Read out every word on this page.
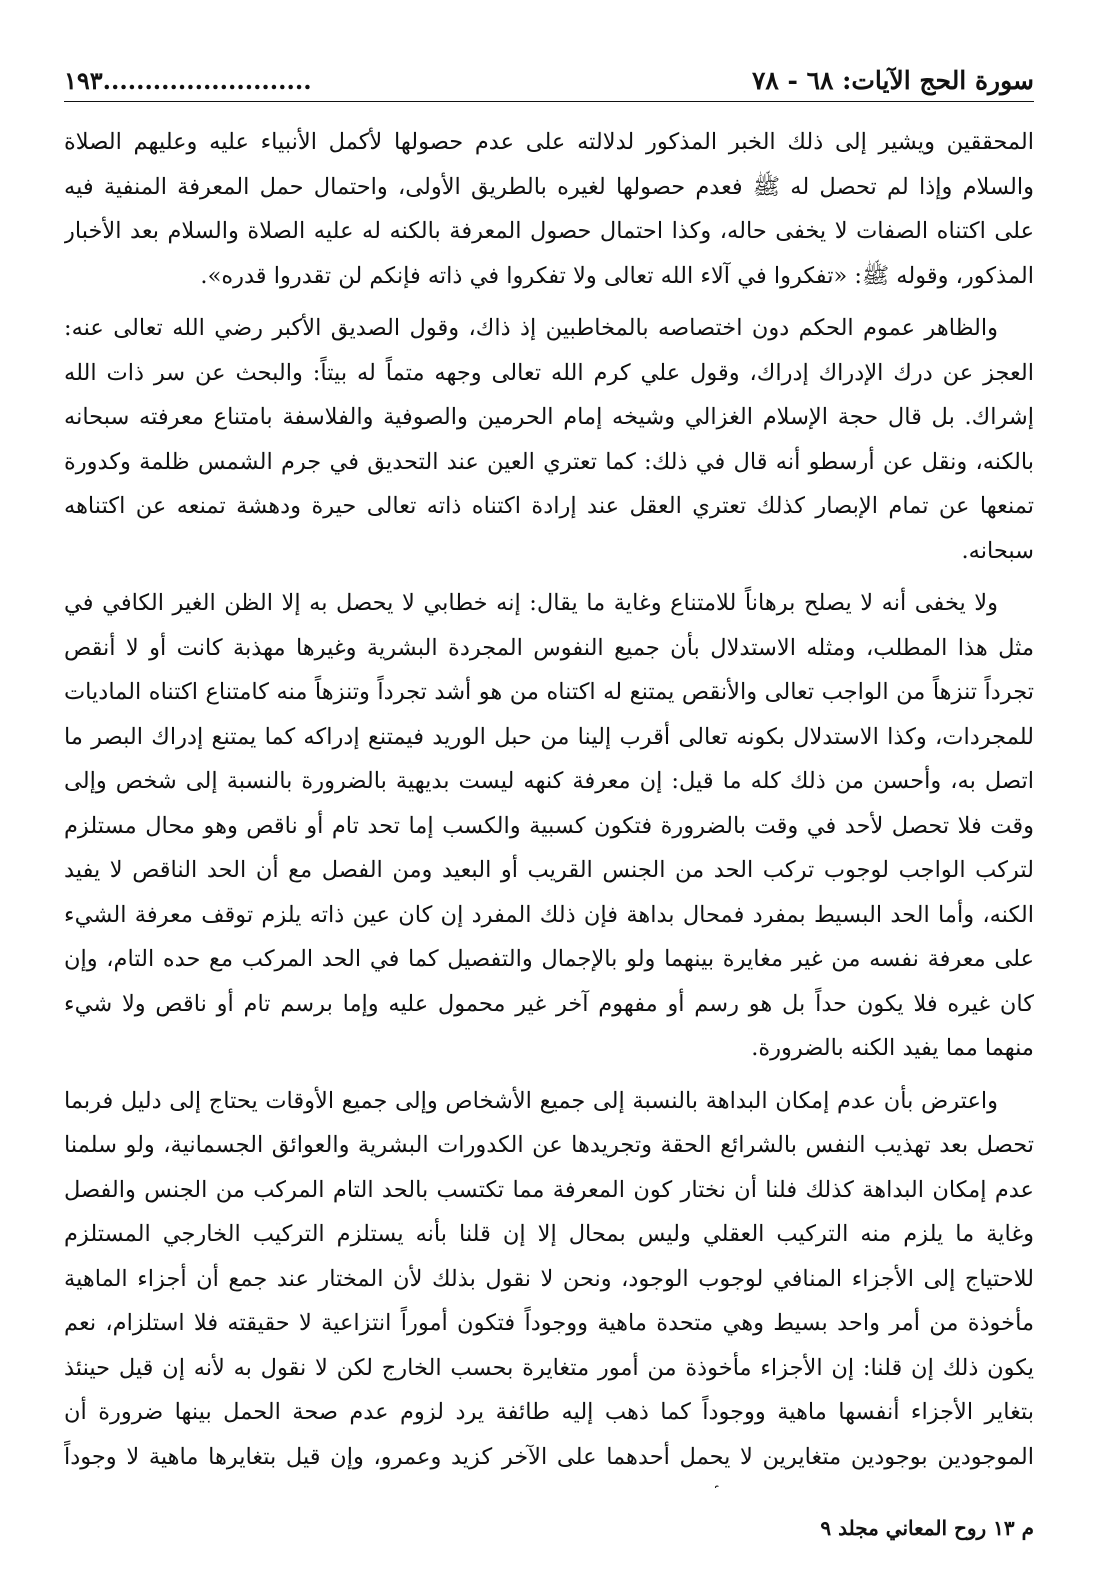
سورة الحج الآيات: ٦٨ - ٧٨
.........................١٩٣

المحققين ويشير إلى ذلك الخبر المذكور لدلالته على عدم حصولها لأكمل الأنبياء عليه وعليهم الصلاة والسلام وإذا لم تحصل له ﷺ فعدم حصولها لغيره بالطريق الأولى، واحتمال حمل المعرفة المنفية فيه على اكتناه الصفات لا يخفى حاله، وكذا احتمال حصول المعرفة بالكنه له عليه الصلاة والسلام بعد الأخبار المذكور، وقوله ﷺ: «تفكروا في آلاء الله تعالى ولا تفكروا في ذاته فإنكم لن تقدروا قدره».

والظاهر عموم الحكم دون اختصاصه بالمخاطبين إذ ذاك، وقول الصديق الأكبر رضي الله تعالى عنه: العجز عن درك الإدراك إدراك، وقول علي كرم الله تعالى وجهه متماً له بيتاً: والبحث عن سر ذات الله إشراك. بل قال حجة الإسلام الغزالي وشيخه إمام الحرمين والصوفية والفلاسفة بامتناع معرفته سبحانه بالكنه، ونقل عن أرسطو أنه قال في ذلك: كما تعتري العين عند التحديق في جرم الشمس ظلمة وكدورة تمنعها عن تمام الإبصار كذلك تعتري العقل عند إرادة اكتناه ذاته تعالى حيرة ودهشة تمنعه عن اكتناهه سبحانه.

ولا يخفى أنه لا يصلح برهاناً للامتناع وغاية ما يقال: إنه خطابي لا يحصل به إلا الظن الغير الكافي في مثل هذا المطلب، ومثله الاستدلال بأن جميع النفوس المجردة البشرية وغيرها مهذبة كانت أو لا أنقص تجرداً تنزهاً من الواجب تعالى والأنقص يمتنع له اكتناه من هو أشد تجرداً وتنزهاً منه كامتناع اكتناه الماديات للمجردات، وكذا الاستدلال بكونه تعالى أقرب إلينا من حبل الوريد فيمتنع إدراكه كما يمتنع إدراك البصر ما اتصل به، وأحسن من ذلك كله ما قيل: إن معرفة كنهه ليست بديهية بالضرورة بالنسبة إلى شخص وإلى وقت فلا تحصل لأحد في وقت بالضرورة فتكون كسبية والكسب إما تحد تام أو ناقص وهو محال مستلزم لتركب الواجب لوجوب تركب الحد من الجنس القريب أو البعيد ومن الفصل مع أن الحد الناقص لا يفيد الكنه، وأما الحد البسيط بمفرد فمحال بداهة فإن ذلك المفرد إن كان عين ذاته يلزم توقف معرفة الشيء على معرفة نفسه من غير مغايرة بينهما ولو بالإجمال والتفصيل كما في الحد المركب مع حده التام، وإن كان غيره فلا يكون حداً بل هو رسم أو مفهوم آخر غير محمول عليه وإما برسم تام أو ناقص ولا شيء منهما مما يفيد الكنه بالضرورة.

واعترض بأن عدم إمكان البداهة بالنسبة إلى جميع الأشخاص وإلى جميع الأوقات يحتاج إلى دليل فربما تحصل بعد تهذيب النفس بالشرائع الحقة وتجريدها عن الكدورات البشرية والعوائق الجسمانية، ولو سلمنا عدم إمكان البداهة كذلك فلنا أن نختار كون المعرفة مما تكتسب بالحد التام المركب من الجنس والفصل وغاية ما يلزم منه التركيب العقلي وليس بمحال إلا إن قلنا بأنه يستلزم التركيب الخارجي المستلزم للاحتياج إلى الأجزاء المنافي لوجوب الوجود، ونحن لا نقول بذلك لأن المختار عند جمع أن أجزاء الماهية مأخوذة من أمر واحد بسيط وهي متحدة ماهية ووجوداً فتكون أموراً انتزاعية لا حقيقته فلا استلزام، نعم يكون ذلك إن قلنا: إن الأجزاء مأخوذة من أمور متغايرة بحسب الخارج لكن لا نقول به لأنه إن قيل حينئذ بتغاير الأجزاء أنفسها ماهية ووجوداً كما ذهب إليه طائفة يرد لزوم عدم صحة الحمل بينها ضرورة أن الموجودين بوجودين متغايرين لا يحمل أحدهما على الآخر كزيد وعمرو، وإن قيل بتغايرها ماهية لا وجوداً

م ١٣ روح المعاني مجلد ٩
